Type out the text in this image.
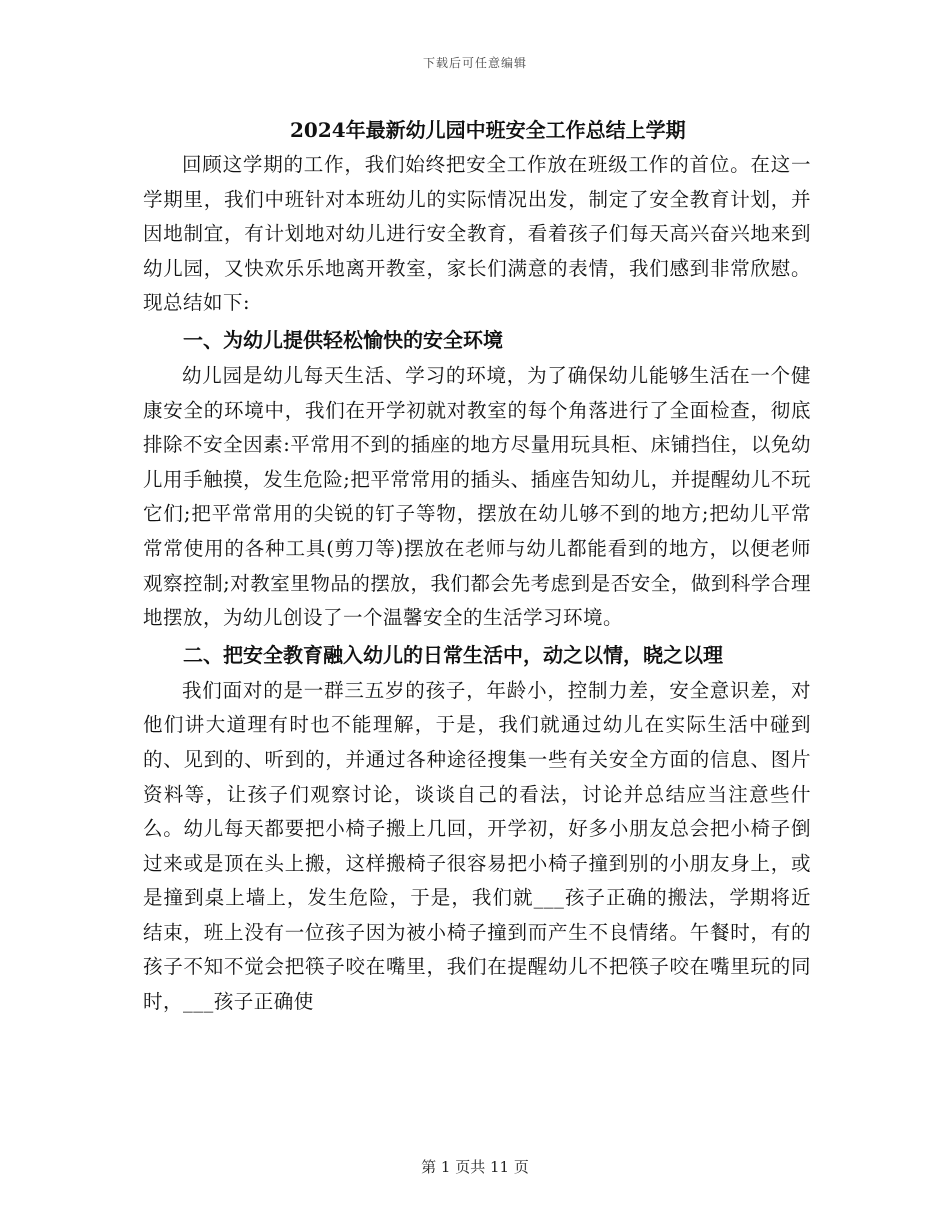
下载后可任意编辑
2024年最新幼儿园中班安全工作总结上学期

回顾这学期的工作，我们始终把安全工作放在班级工作的首位。在这一学期里，我们中班针对本班幼儿的实际情况出发，制定了安全教育计划，并因地制宜，有计划地对幼儿进行安全教育，看着孩子们每天高兴奋兴地来到幼儿园，又快欢乐乐地离开教室，家长们满意的表情，我们感到非常欣慰。现总结如下:

一、为幼儿提供轻松愉快的安全环境

幼儿园是幼儿每天生活、学习的环境，为了确保幼儿能够生活在一个健康安全的环境中，我们在开学初就对教室的每个角落进行了全面检查，彻底排除不安全因素:平常用不到的插座的地方尽量用玩具柜、床铺挡住，以免幼儿用手触摸，发生危险;把平常常用的插头、插座告知幼儿，并提醒幼儿不玩它们;把平常常用的尖锐的钉子等物，摆放在幼儿够不到的地方;把幼儿平常常常使用的各种工具(剪刀等)摆放在老师与幼儿都能看到的地方，以便老师观察控制;对教室里物品的摆放，我们都会先考虑到是否安全，做到科学合理地摆放，为幼儿创设了一个温馨安全的生活学习环境。

二、把安全教育融入幼儿的日常生活中，动之以情，晓之以理

我们面对的是一群三五岁的孩子，年龄小，控制力差，安全意识差，对他们讲大道理有时也不能理解，于是，我们就通过幼儿在实际生活中碰到的、见到的、听到的，并通过各种途径搜集一些有关安全方面的信息、图片资料等，让孩子们观察讨论，谈谈自己的看法，讨论并总结应当注意些什么。幼儿每天都要把小椅子搬上几回，开学初，好多小朋友总会把小椅子倒过来或是顶在头上搬，这样搬椅子很容易把小椅子撞到别的小朋友身上，或是撞到桌上墙上，发生危险，于是，我们就___孩子正确的搬法，学期将近结束，班上没有一位孩子因为被小椅子撞到而产生不良情绪。午餐时，有的孩子不知不觉会把筷子咬在嘴里，我们在提醒幼儿不把筷子咬在嘴里玩的同时，___孩子正确使

第 1 页共 11 页
